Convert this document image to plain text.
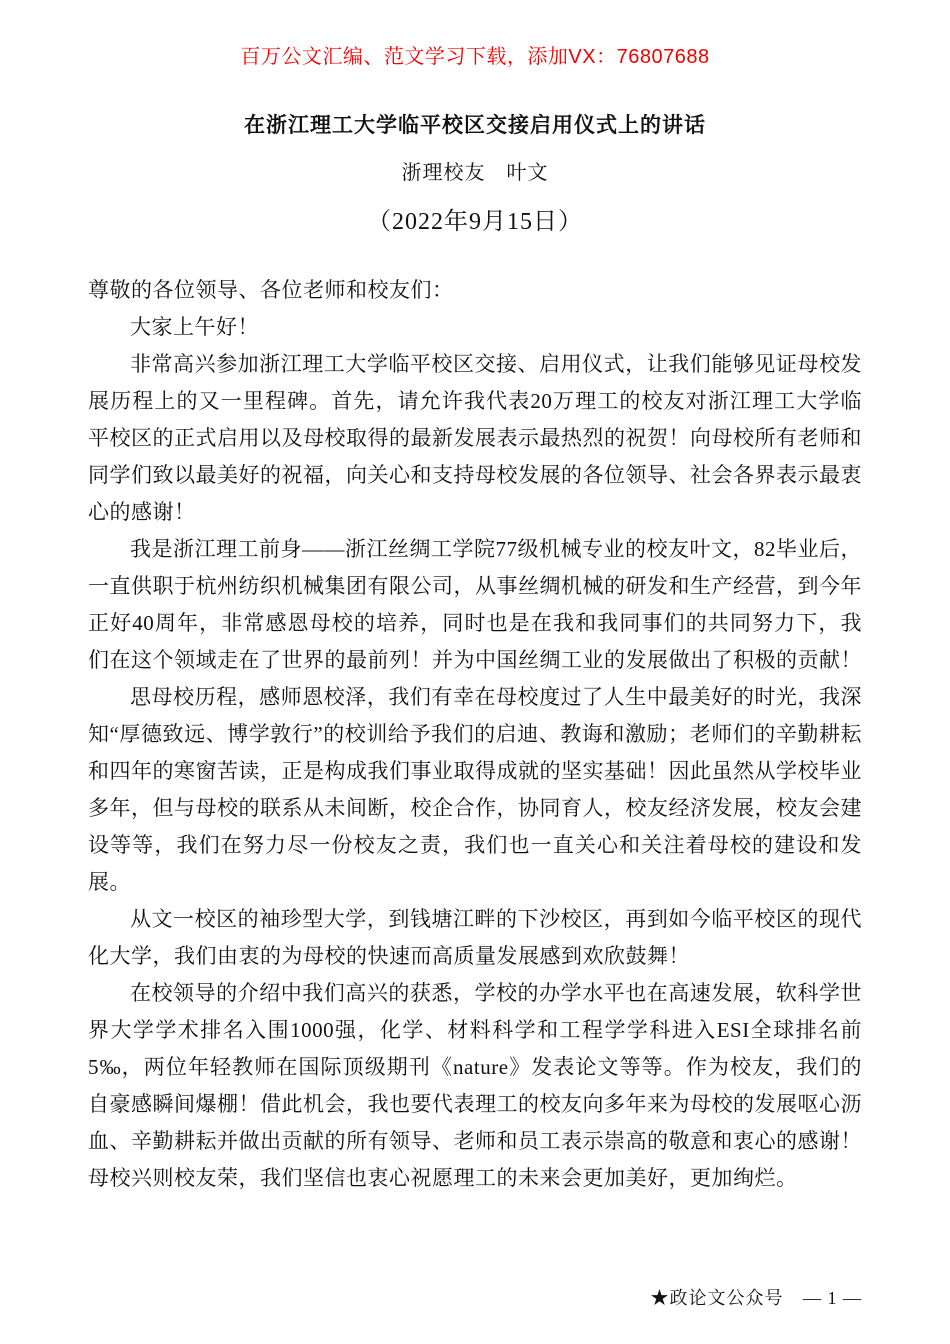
百万公文汇编、范文学习下载，添加VX：76807688
在浙江理工大学临平校区交接启用仪式上的讲话
浙理校友　叶文
（2022年9月15日）

尊敬的各位领导、各位老师和校友们：

大家上午好！

非常高兴参加浙江理工大学临平校区交接、启用仪式，让我们能够见证母校发展历程上的又一里程碑。首先，请允许我代表20万理工的校友对浙江理工大学临平校区的正式启用以及母校取得的最新发展表示最热烈的祝贺！向母校所有老师和同学们致以最美好的祝福，向关心和支持母校发展的各位领导、社会各界表示最衷心的感谢！

我是浙江理工前身——浙江丝绸工学院77级机械专业的校友叶文，82毕业后，一直供职于杭州纺织机械集团有限公司，从事丝绸机械的研发和生产经营，到今年正好40周年，非常感恩母校的培养，同时也是在我和我同事们的共同努力下，我们在这个领域走在了世界的最前列！并为中国丝绸工业的发展做出了积极的贡献！

思母校历程，感师恩校泽，我们有幸在母校度过了人生中最美好的时光，我深知“厚德致远、博学敦行”的校训给予我们的启迪、教诲和激励；老师们的辛勤耕耘和四年的寒窗苦读，正是构成我们事业取得成就的坚实基础！因此虽然从学校毕业多年，但与母校的联系从未间断，校企合作，协同育人，校友经济发展，校友会建设等等，我们在努力尽一份校友之责，我们也一直关心和关注着母校的建设和发展。

从文一校区的袖珍型大学，到钱塘江畔的下沙校区，再到如今临平校区的现代化大学，我们由衷的为母校的快速而高质量发展感到欢欣鼓舞！

在校领导的介绍中我们高兴的获悉，学校的办学水平也在高速发展，软科学世界大学学术排名入围1000强，化学、材料科学和工程学学科进入ESI全球排名前5‰，两位年轻教师在国际顶级期刊《nature》发表论文等等。作为校友，我们的自豪感瞬间爆棚！借此机会，我也要代表理工的校友向多年来为母校的发展呕心沥血、辛勤耕耘并做出贡献的所有领导、老师和员工表示崇高的敬意和衷心的感谢！母校兴则校友荣，我们坚信也衷心祝愿理工的未来会更加美好，更加绚烂。

★政论文公众号 — 1 —
